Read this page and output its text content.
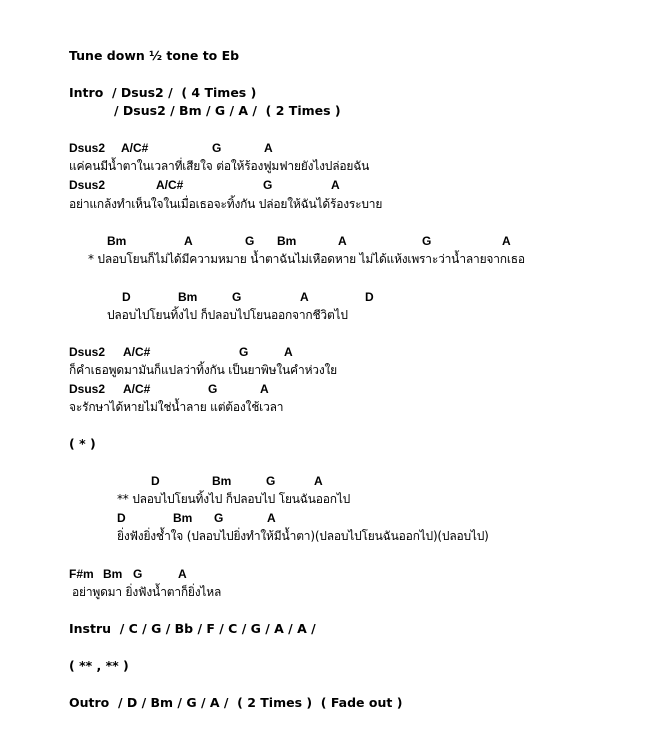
Tune down ½ tone to Eb
Intro  / Dsus2 /  ( 4 Times )
/ Dsus2 / Bm / G / A /  ( 2 Times )
Dsus2 A/C#	G	A
แค่คนมีน้ำตาในเวลาที่เสียใจ ต่อให้ร้องฟูมฟายยังไงปล่อยฉัน
Dsus2	A/C#	G	A
อย่าแกล้งทำเห็นใจในเมื่อเธอจะทิ้งกัน ปล่อยให้ฉันได้ร้องระบาย
Bm	A	G Bm	A	G	A
* ปลอบโยนก็ไม่ได้มีความหมาย น้ำตาฉันไม่เหือดหาย ไม่ได้แห้งเพราะว่าน้ำลายจากเธอ
D	Bm	G	A	D
ปลอบไปโยนทิ้งไป ก็ปลอบไปโยนออกจากชีวิตไป
Dsus2 A/C#	G	A
ก็คำเธอพูดมามันก็แปลว่าทิ้งกัน เป็นยาพิษในคำห่วงใย
Dsus2 A/C#	G	A
จะรักษาได้หายไม่ใช่น้ำลาย แต่ต้องใช้เวลา
( * )
D	Bm	G	A
** ปลอบไปโยนทิ้งไป ก็ปลอบไป โยนฉันออกไป
D	Bm G	A
ยิ่งฟังยิ่งช้ำใจ (ปลอบไปยิ่งทำให้มีน้ำตา)(ปลอบไปโยนฉันออกไป)(ปลอบไป)
F#m Bm G	A
อย่าพูดมา ยิ่งฟังน้ำตาก็ยิ่งไหล
Instru  / C / G / Bb / F / C / G / A / A /
( ** , ** )
Outro  / D / Bm / G / A /  ( 2 Times )  ( Fade out )
